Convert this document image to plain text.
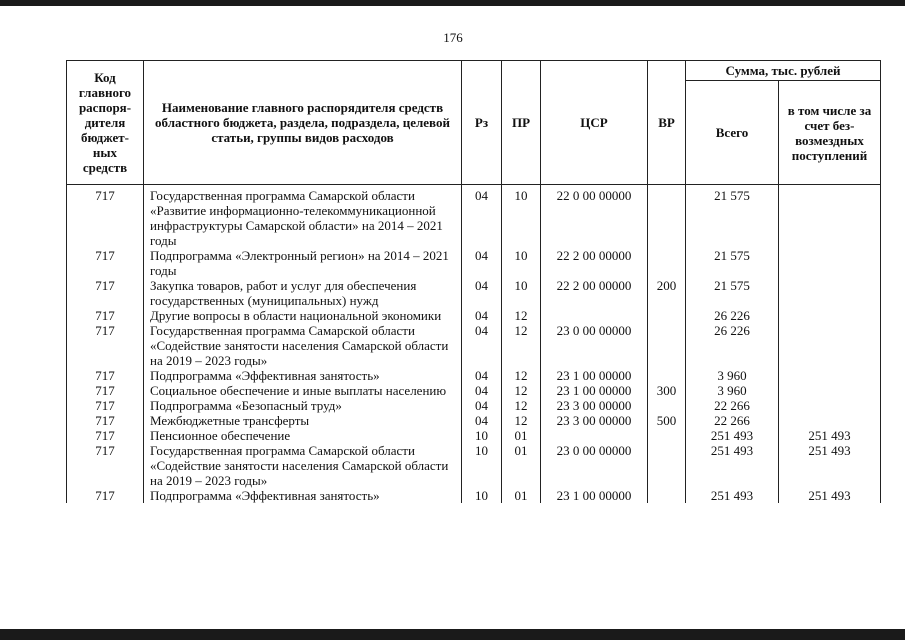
176
Код главного распоря-дителя бюджет-ных средств	Наименование главного распорядителя средств областного бюджета, раздела, подраздела, целевой статьи, группы видов расходов	Рз	ПР	ЦСР	ВР	Сумма, тыс. рублей	
						Всего	в том числе за счет без-возмездных поступлений
717	Государственная программа Самарской области «Развитие информационно-телекоммуникационной инфраструктуры Самарской области» на 2014 – 2021 годы	04	10	22 0 00 00000		21 575	
717	Подпрограмма «Электронный регион» на 2014 – 2021 годы	04	10	22 2 00 00000		21 575	
717	Закупка товаров, работ и услуг для обеспечения государственных (муниципальных) нужд	04	10	22 2 00 00000	200	21 575	
717	Другие вопросы в области национальной экономики	04	12			26 226	
717	Государственная программа Самарской области «Содействие занятости населения Самарской области на 2019 – 2023 годы»	04	12	23 0 00 00000		26 226	
717	Подпрограмма «Эффективная занятость»	04	12	23 1 00 00000		3 960	
717	Социальное обеспечение и иные выплаты населению	04	12	23 1 00 00000	300	3 960	
717	Подпрограмма «Безопасный труд»	04	12	23 3 00 00000		22 266	
717	Межбюджетные трансферты	04	12	23 3 00 00000	500	22 266	
717	Пенсионное обеспечение	10	01			251 493	251 493
717	Государственная программа Самарской области «Содействие занятости населения Самарской области на 2019 – 2023 годы»	10	01	23 0 00 00000		251 493	251 493
717	Подпрограмма «Эффективная занятость»	10	01	23 1 00 00000		251 493	251 493
